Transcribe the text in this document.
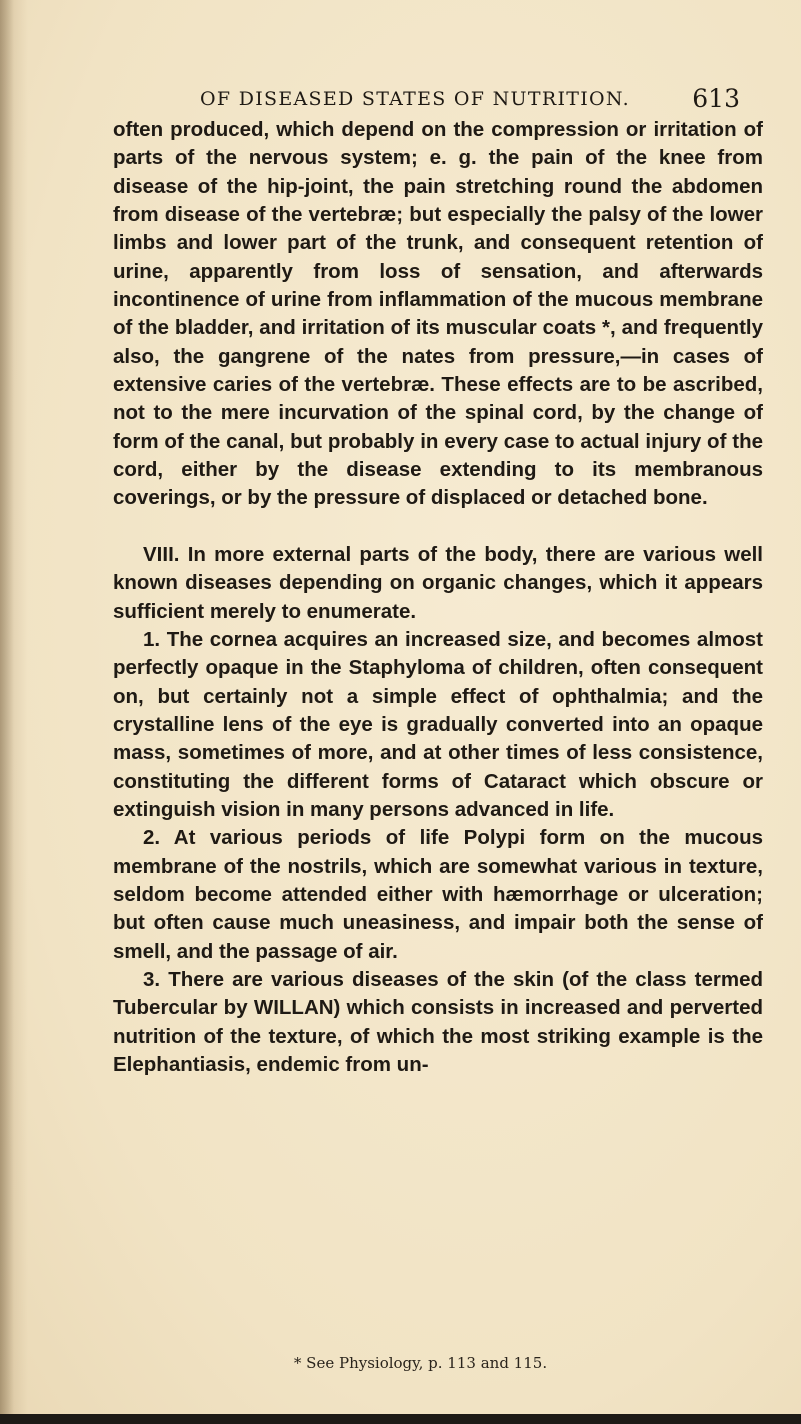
OF DISEASED STATES OF NUTRITION. 613

often produced, which depend on the compression or irritation of parts of the nervous system; e. g. the pain of the knee from disease of the hip-joint, the pain stretching round the abdomen from disease of the vertebræ; but especially the palsy of the lower limbs and lower part of the trunk, and consequent retention of urine, apparently from loss of sensation, and afterwards incontinence of urine from inflammation of the mucous membrane of the bladder, and irritation of its muscular coats *, and frequently also, the gangrene of the nates from pressure,—in cases of extensive caries of the vertebræ. These effects are to be ascribed, not to the mere incurvation of the spinal cord, by the change of form of the canal, but probably in every case to actual injury of the cord, either by the disease extending to its membranous coverings, or by the pressure of displaced or detached bone.

VIII. In more external parts of the body, there are various well known diseases depending on organic changes, which it appears sufficient merely to enumerate.

1. The cornea acquires an increased size, and becomes almost perfectly opaque in the Staphyloma of children, often consequent on, but certainly not a simple effect of ophthalmia; and the crystalline lens of the eye is gradually converted into an opaque mass, sometimes of more, and at other times of less consistence, constituting the different forms of Cataract which obscure or extinguish vision in many persons advanced in life.

2. At various periods of life Polypi form on the mucous membrane of the nostrils, which are somewhat various in texture, seldom become attended either with hæmorrhage or ulceration; but often cause much uneasiness, and impair both the sense of smell, and the passage of air.

3. There are various diseases of the skin (of the class termed Tubercular by WILLAN) which consists in increased and perverted nutrition of the texture, of which the most striking example is the Elephantiasis, endemic from un-

* See Physiology, p. 113 and 115.
